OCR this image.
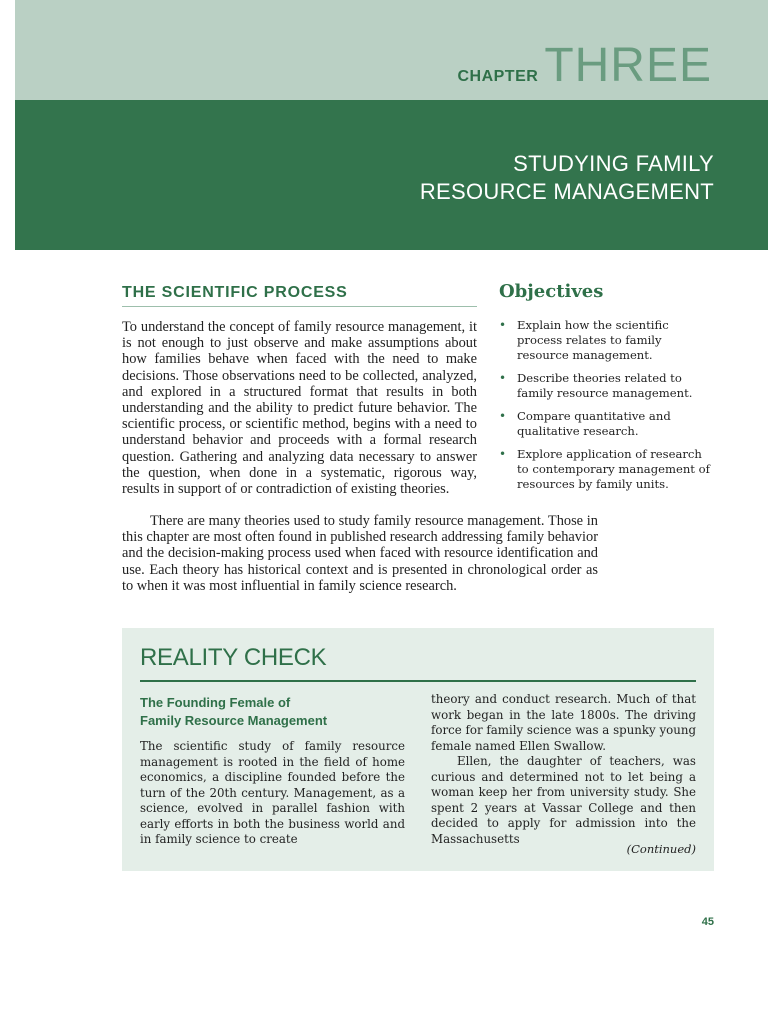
CHAPTER THREE
STUDYING FAMILY
RESOURCE MANAGEMENT
THE SCIENTIFIC PROCESS

To understand the concept of family resource management, it is not enough to just observe and make assumptions about how families behave when faced with the need to make decisions. Those observations need to be collected, analyzed, and explored in a structured format that results in both understanding and the ability to predict future behavior. The scientific process, or scientific method, begins with a need to understand behavior and proceeds with a formal research question. Gathering and analyzing data necessary to answer the question, when done in a systematic, rigorous way, results in support of or contradiction of existing theories.

There are many theories used to study family resource management. Those in this chapter are most often found in published research addressing family behavior and the decision-making process used when faced with resource identification and use. Each theory has historical context and is presented in chronological order as to when it was most influential in family science research.

Objectives
• Explain how the scientific process relates to family resource management.
• Describe theories related to family resource management.
• Compare quantitative and qualitative research.
• Explore application of research to contemporary management of resources by family units.
REALITY CHECK
The Founding Female of
Family Resource Management

The scientific study of family resource management is rooted in the field of home economics, a discipline founded before the turn of the 20th century. Management, as a science, evolved in parallel fashion with early efforts in both the business world and in family science to create

theory and conduct research. Much of that work began in the late 1800s. The driving force for family science was a spunky young female named Ellen Swallow.

Ellen, the daughter of teachers, was curious and determined not to let being a woman keep her from university study. She spent 2 years at Vassar College and then decided to apply for admission into the Massachusetts

(Continued)
45
